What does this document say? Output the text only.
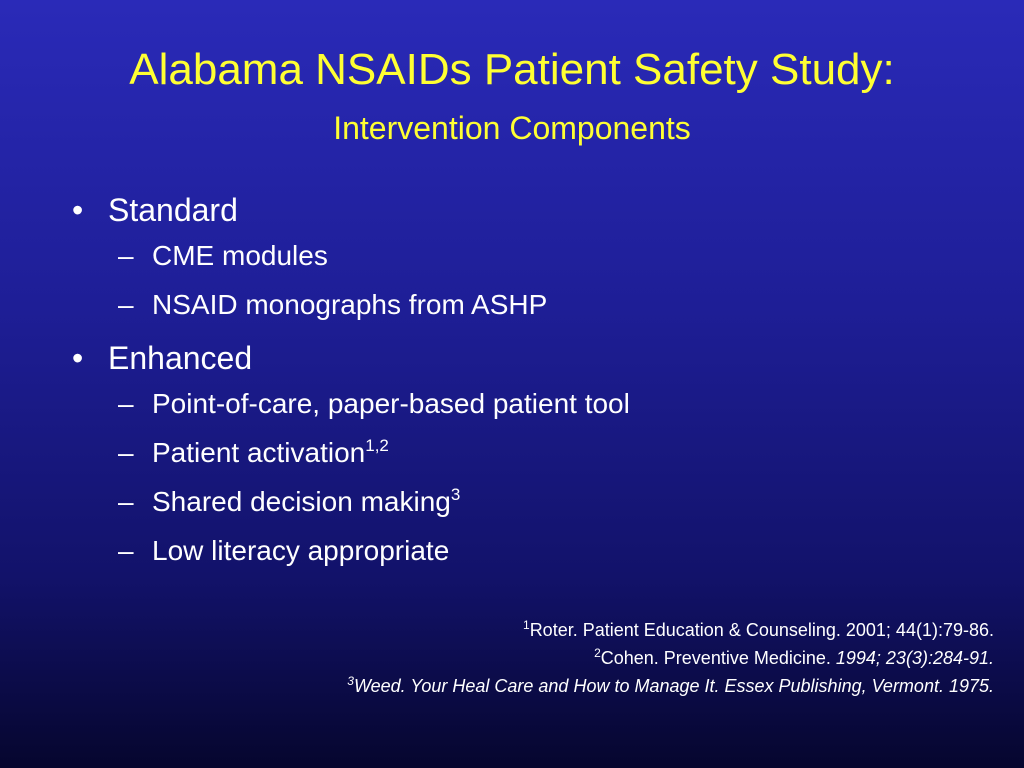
Alabama NSAIDs Patient Safety Study:
Intervention Components
• Standard
– CME modules
– NSAID monographs from ASHP
• Enhanced
– Point-of-care, paper-based patient tool
– Patient activation$^{1,2}$
– Shared decision making$^3$
– Low literacy appropriate
$^1$Roter. Patient Education & Counseling. 2001; 44(1):79-86.
$^2$Cohen. Preventive Medicine. 1994; 23(3):284-91.
$^3$Weed. Your Heal Care and How to Manage It. Essex Publishing, Vermont. 1975.
